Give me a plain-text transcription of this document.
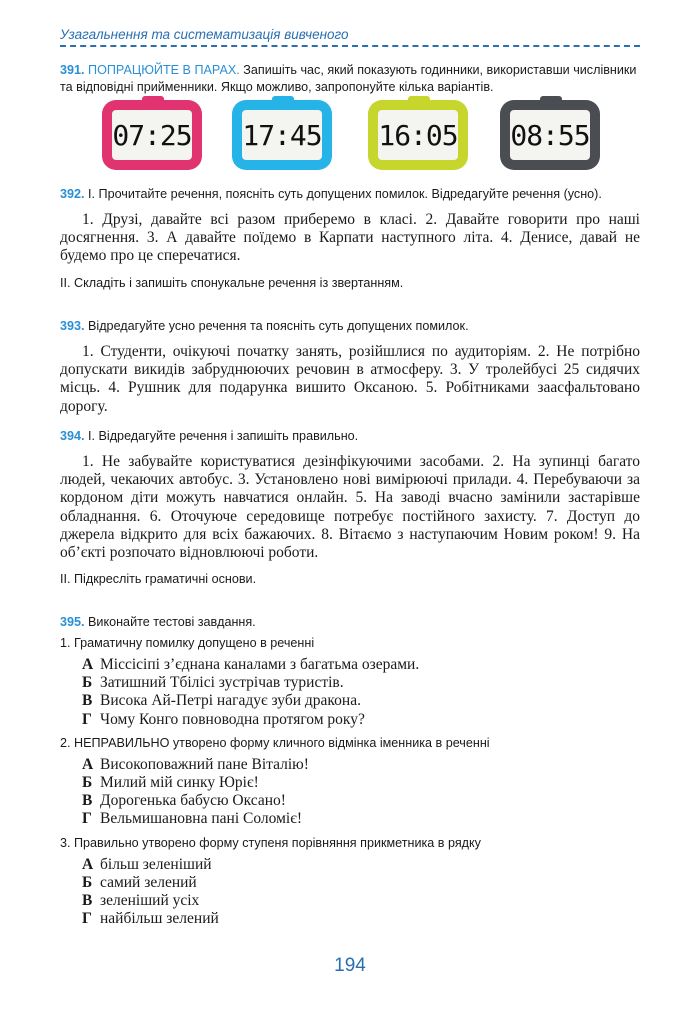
Узагальнення та систематизація вивченого

391. ПОПРАЦЮЙТЕ В ПАРАХ. Запишіть час, який показують годинники, використавши числівники та відповідні прийменники. Якщо можливо, запропонуйте кілька варіантів.

07:25 17:45 16:05 08:55

392. І. Прочитайте речення, поясніть суть допущених помилок. Відредагуйте речення (усно).

1. Друзі, давайте всі разом приберемо в класі. 2. Давайте говорити про наші досягнення. 3. А давайте поїдемо в Карпати наступного літа. 4. Денисе, давай не будемо про це сперечатися.

ІІ. Складіть і запишіть спонукальне речення із звертанням.

393. Відредагуйте усно речення та поясніть суть допущених помилок.

1. Студенти, очікуючі початку занять, розійшлися по аудиторіям. 2. Не потрібно допускати викидів забруднюючих речовин в атмосферу. 3. У тролейбусі 25 сидячих місць. 4. Рушник для подарунка вишито Оксаною. 5. Робітниками заасфальтовано дорогу.

394. І. Відредагуйте речення і запишіть правильно.

1. Не забувайте користуватися дезінфікуючими засобами. 2. На зупинці багато людей, чекаючих автобус. 3. Установлено нові вимірюючі прилади. 4. Перебуваючи за кордоном діти можуть навчатися онлайн. 5. На заводі вчасно замінили застарівше обладнання. 6. Оточуюче середовище потребує постійного захисту. 7. Доступ до джерела відкрито для всіх бажаючих. 8. Вітаємо з наступаючим Новим роком! 9. На об’єкті розпочато відновлюючі роботи.

ІІ. Підкресліть граматичні основи.

395. Виконайте тестові завдання.

1. Граматичну помилку допущено в реченні

А Міссісіпі з’єднана каналами з багатьма озерами.
Б Затишний Тбілісі зустрічав туристів.
В Висока Ай-Петрі нагадує зуби дракона.
Г Чому Конго повноводна протягом року?

2. НЕПРАВИЛЬНО утворено форму кличного відмінка іменника в реченні

А Високоповажний пане Віталію!
Б Милий мій синку Юріє!
В Дорогенька бабусю Оксано!
Г Вельмишановна пані Соломіє!

3. Правильно утворено форму ступеня порівняння прикметника в рядку

А більш зеленіший
Б самий зелений
В зеленіший усіх
Г найбільш зелений
194
